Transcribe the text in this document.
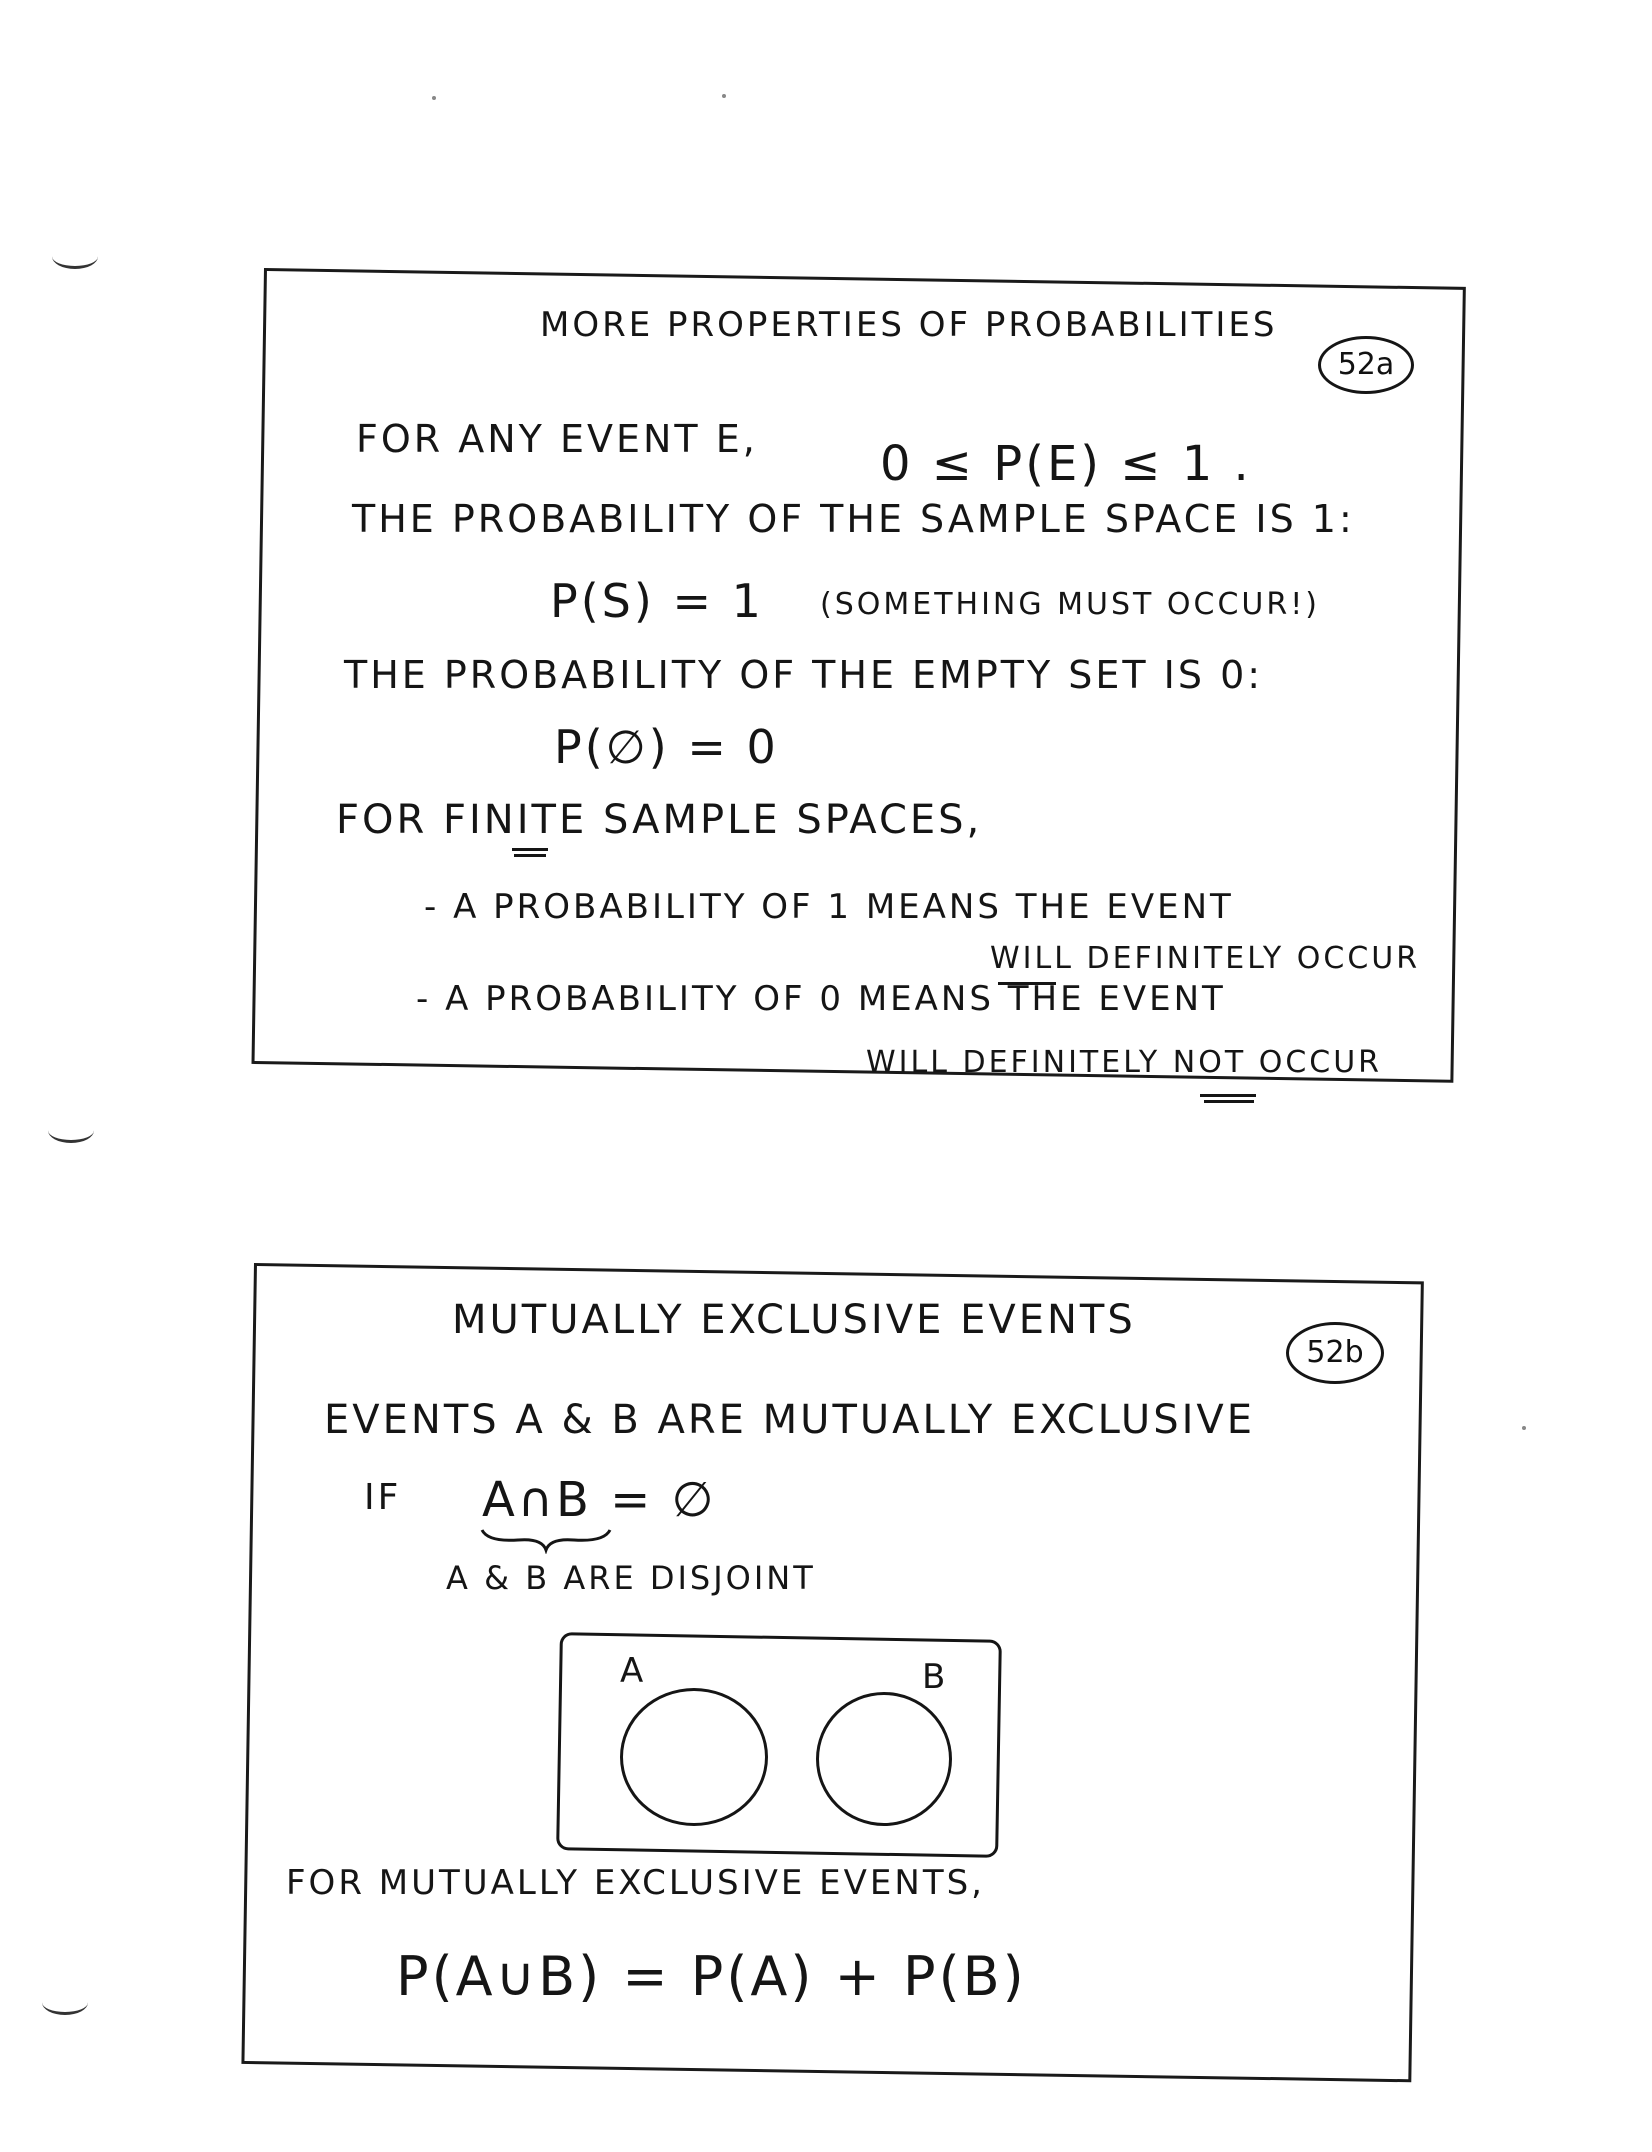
MORE PROPERTIES OF PROBABILITIES
52a
FOR ANY EVENT E,	0 ≤ P(E) ≤ 1 .
THE PROBABILITY OF THE SAMPLE SPACE IS 1:
P(S) = 1 (SOMETHING MUST OCCUR!)
THE PROBABILITY OF THE EMPTY SET IS 0:
P(∅) = 0
FOR FINITE SAMPLE SPACES,
- A PROBABILITY OF 1 MEANS THE EVENT
WILL DEFINITELY OCCUR
- A PROBABILITY OF 0 MEANS THE EVENT
WILL DEFINITELY NOT OCCUR
MUTUALLY EXCLUSIVE EVENTS
52b
EVENTS A & B ARE MUTUALLY EXCLUSIVE
IF A∩B = ∅
A & B ARE DISJOINT
A	B
FOR MUTUALLY EXCLUSIVE EVENTS,
P(A∪B) = P(A) + P(B)
